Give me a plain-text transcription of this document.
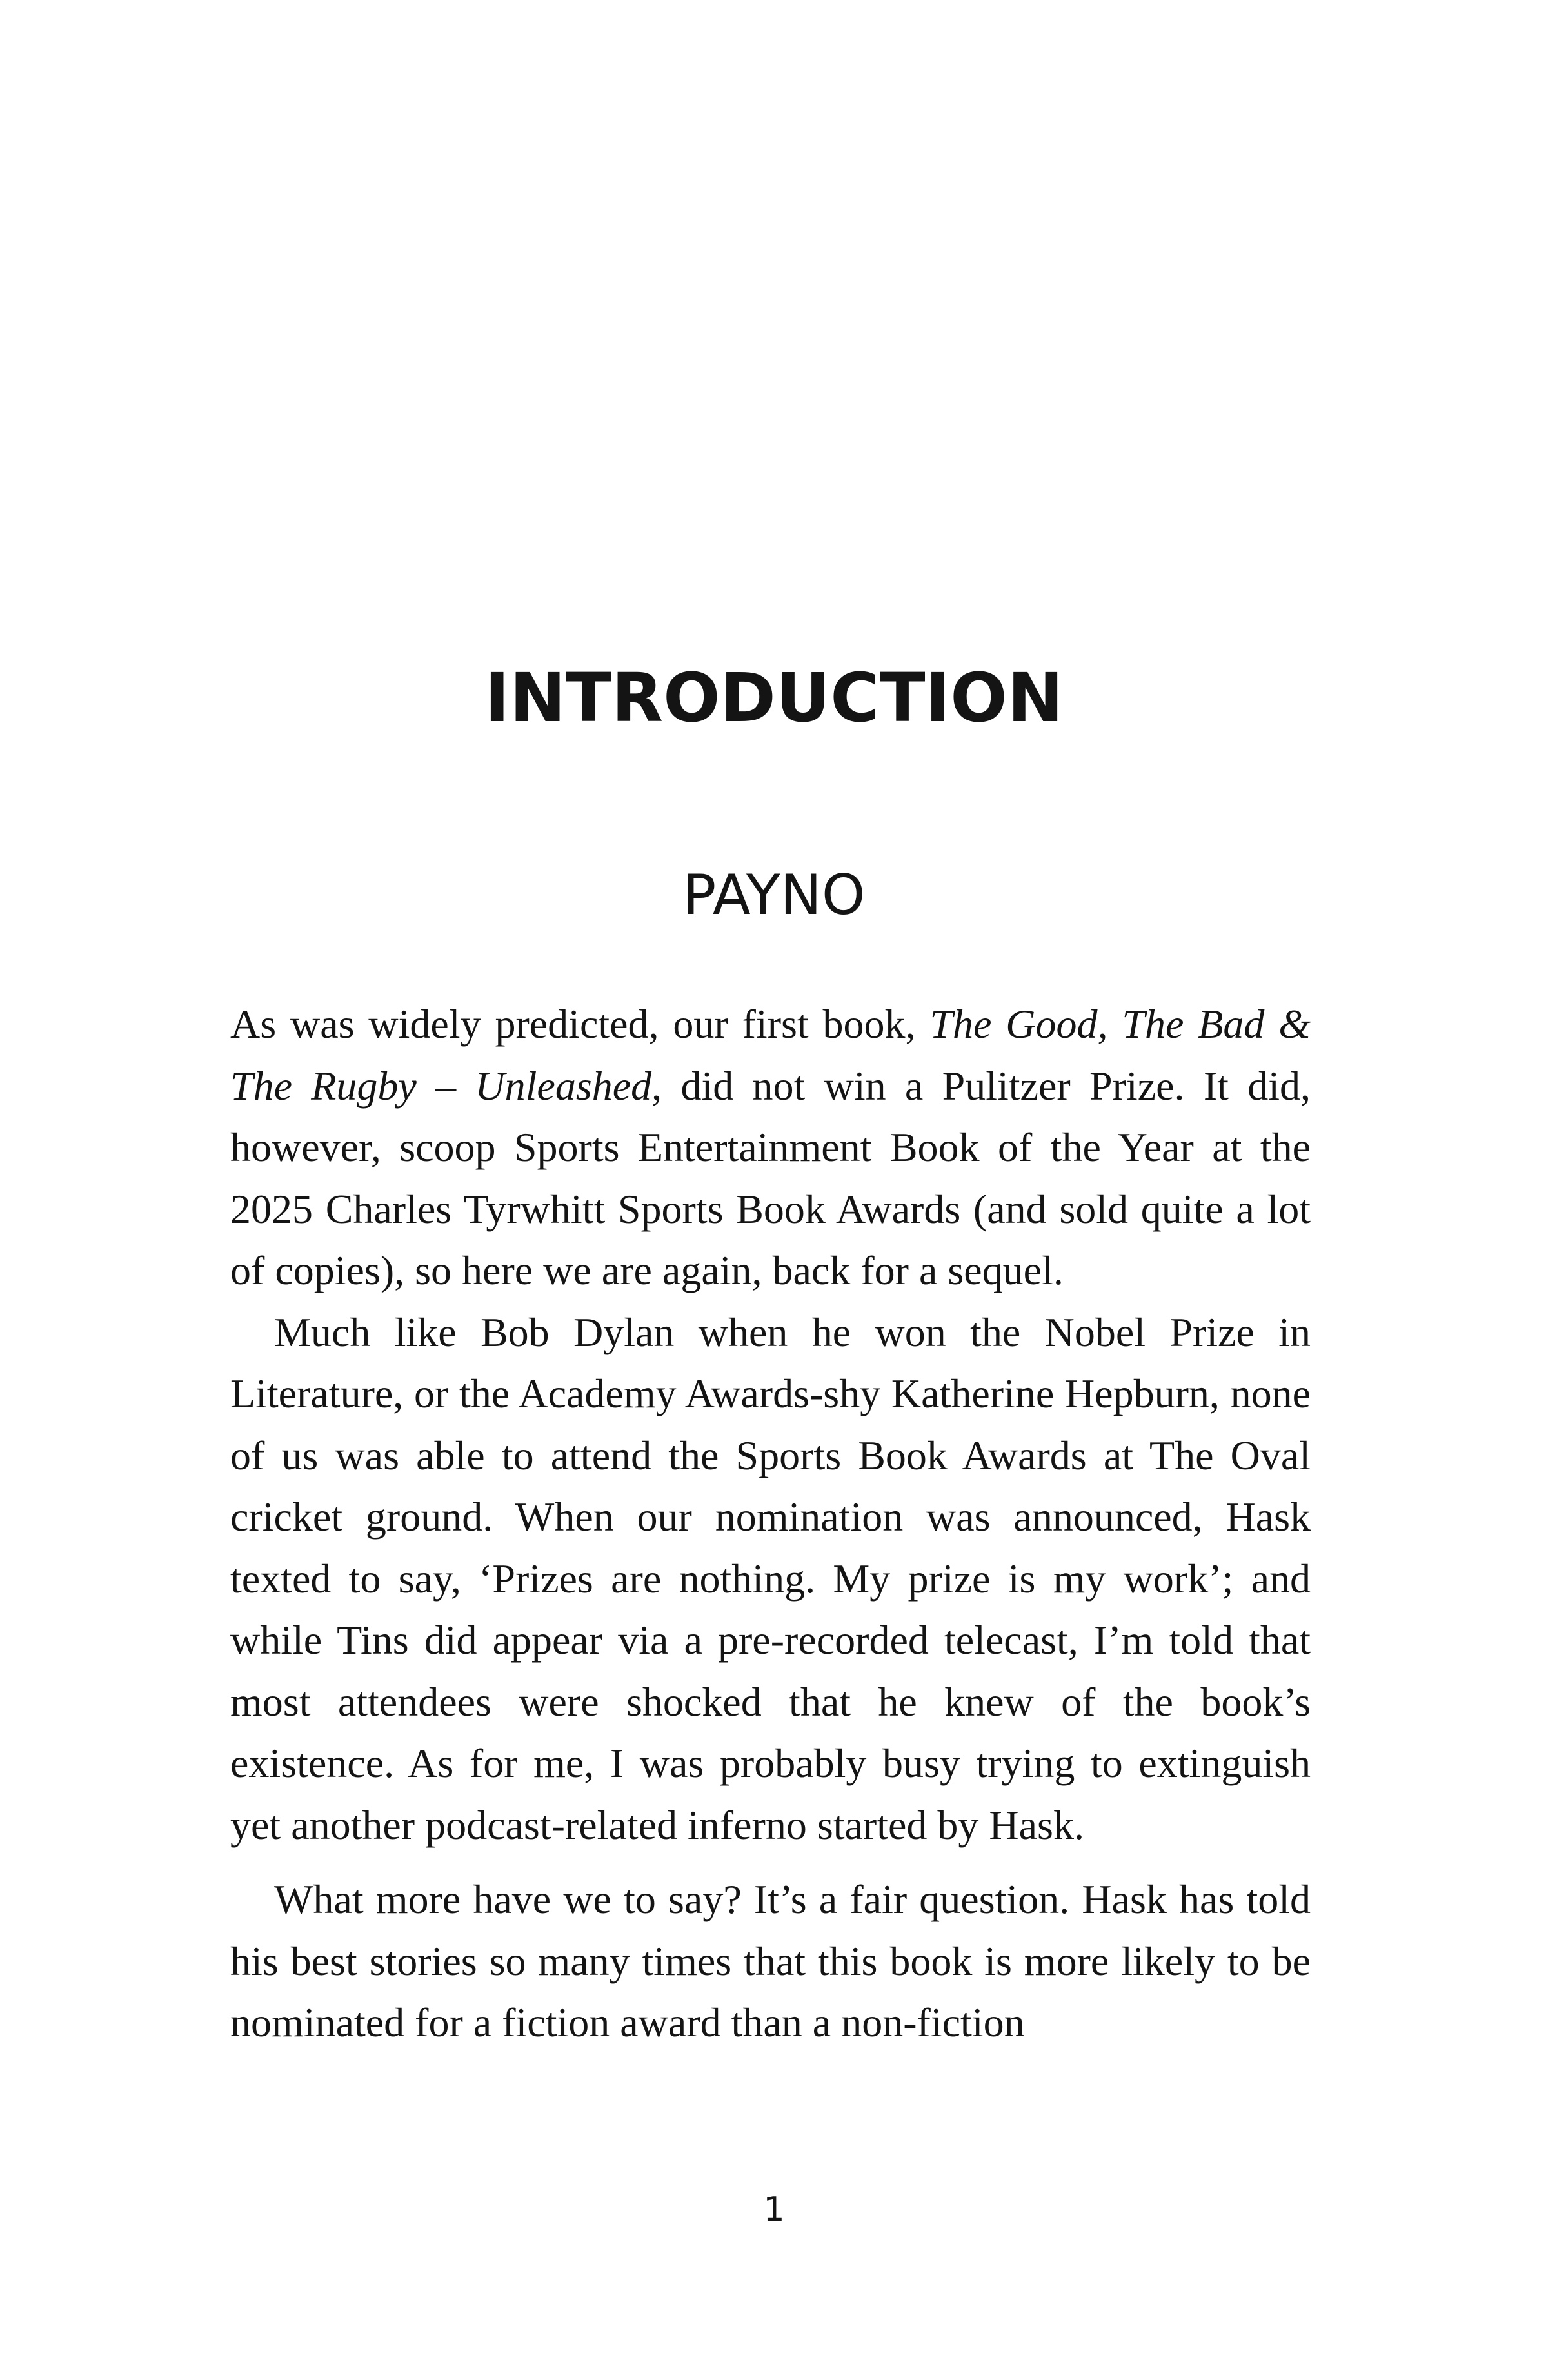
INTRODUCTION
PAYNO

As was widely predicted, our first book, The Good, The Bad & The Rugby – Unleashed, did not win a Pulitzer Prize. It did, however, scoop Sports Entertainment Book of the Year at the 2025 Charles Tyrwhitt Sports Book Awards (and sold quite a lot of copies), so here we are again, back for a sequel.

Much like Bob Dylan when he won the Nobel Prize in Literature, or the Academy Awards-shy Katherine Hepburn, none of us was able to attend the Sports Book Awards at The Oval cricket ground. When our nomination was announced, Hask texted to say, ‘Prizes are nothing. My prize is my work’; and while Tins did appear via a pre-recorded telecast, I’m told that most attendees were shocked that he knew of the book’s existence. As for me, I was probably busy trying to extinguish yet another podcast-related inferno started by Hask.

What more have we to say? It’s a fair question. Hask has told his best stories so many times that this book is more likely to be nominated for a fiction award than a non-fiction

1
